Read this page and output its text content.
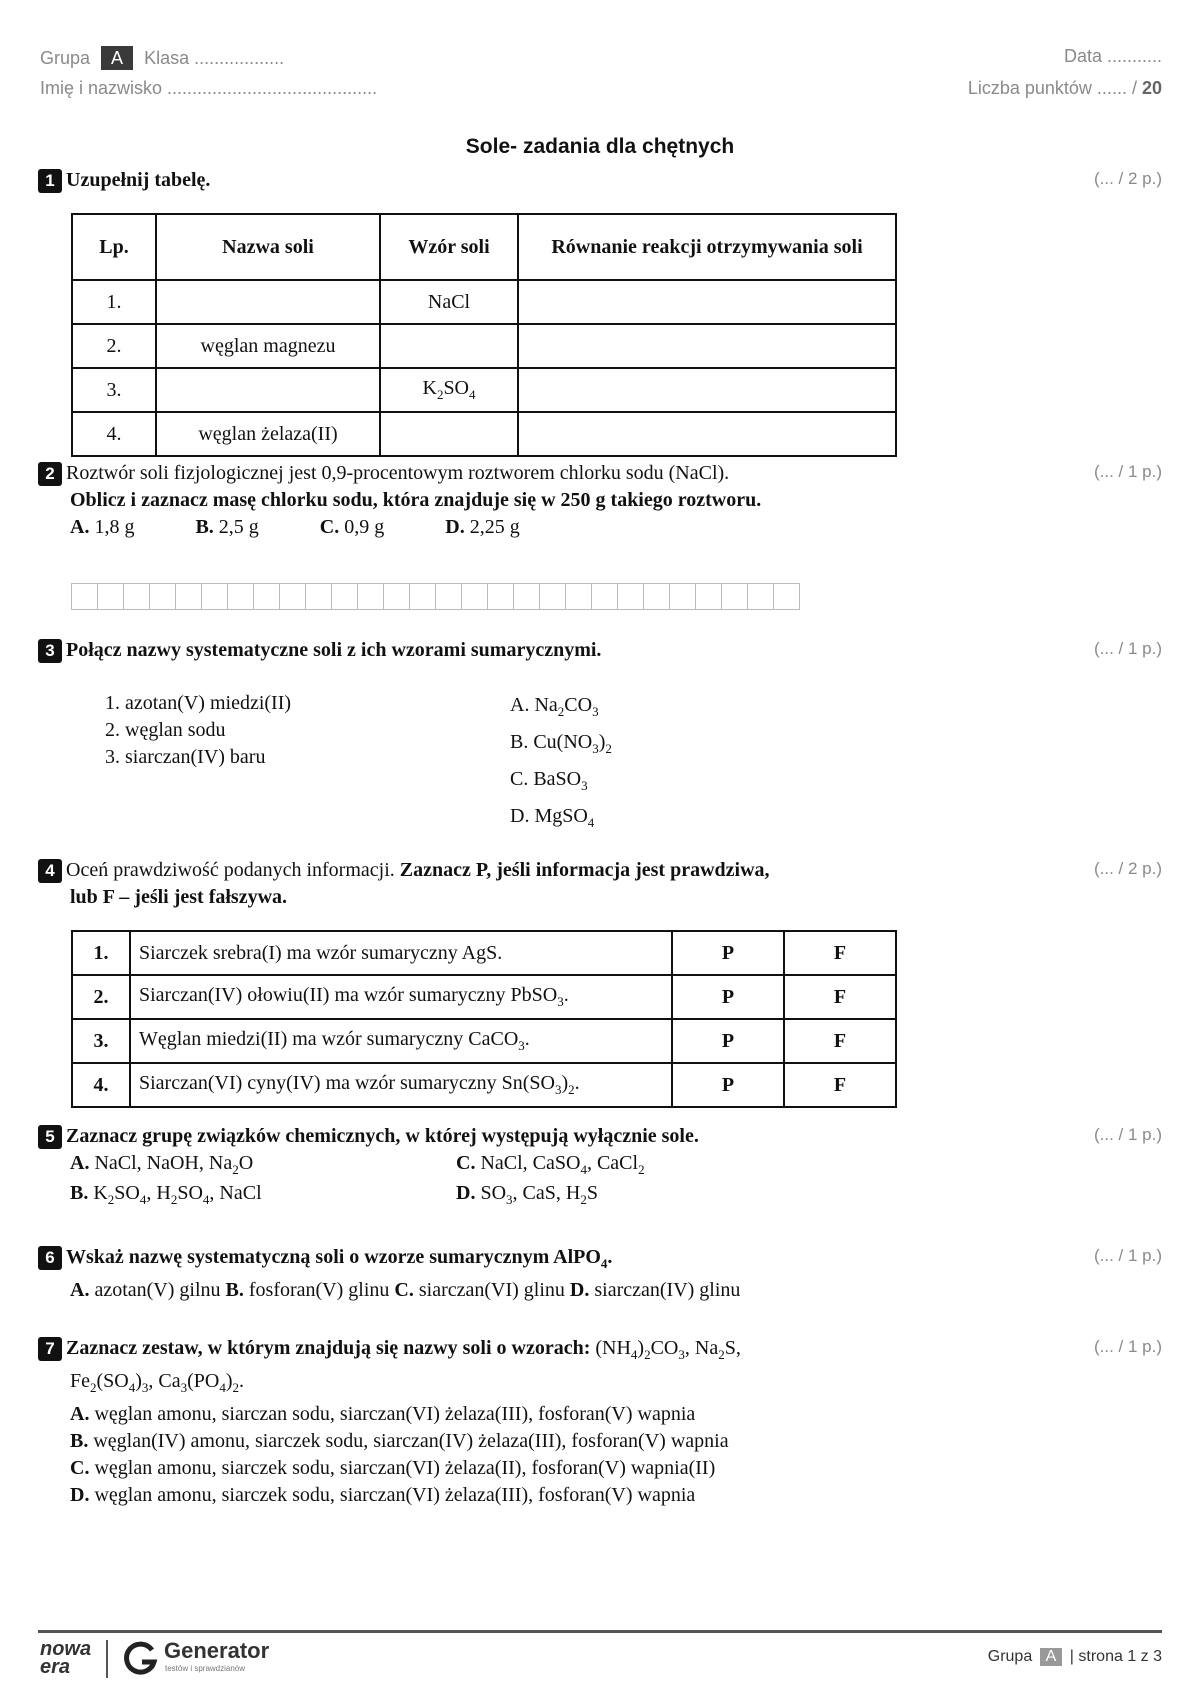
Grupa A Klasa ..................
Imię i nazwisko ..........................................
Data ...........
Liczba punktów ...... / 20
Sole- zadania dla chętnych
1 Uzupełnij tabelę.	(... / 2 p.)
Lp.	Nazwa soli	Wzór soli	Równanie reakcji otrzymywania soli
1.		NaCl	
2.	węglan magnezu		
3.		$K_2SO_4$	
4.	węglan żelaza(II)		
2 Roztwór soli fizjologicznej jest 0,9-procentowym roztworem chlorku sodu (NaCl).
Oblicz i zaznacz masę chlorku sodu, która znajduje się w 250 g takiego roztworu.
A. 1,8 g	B. 2,5 g	C. 0,9 g	D. 2,25 g
(... / 1 p.)
3 Połącz nazwy systematyczne soli z ich wzorami sumarycznymi.	(... / 1 p.)
1. azotan(V) miedzi(II)
2. węglan sodu
3. siarczan(IV) baru
A. $Na_2CO_3$
B. $Cu(NO_3)_2$
C. BaSO$_3$
D. MgSO$_4$
4 Oceń prawdziwość podanych informacji. Zaznacz P, jeśli informacja jest prawdziwa,
lub F – jeśli jest fałszywa.
(... / 2 p.)
1.	Siarczek srebra(I) ma wzór sumaryczny AgS.	P	F
2.	Siarczan(IV) ołowiu(II) ma wzór sumaryczny PbSO$_3$.	P	F
3.	Węglan miedzi(II) ma wzór sumaryczny CaCO$_3$.	P	F
4.	Siarczan(VI) cyny(IV) ma wzór sumaryczny $Sn(SO_3)_2$.	P	F
5 Zaznacz grupę związków chemicznych, w której występują wyłącznie sole.
A. NaCl, NaOH, $Na_2O$	C. NaCl, CaSO$_4$, CaCl$_2$
B. $K_2SO_4$, $H_2SO_4$, NaCl	D. $SO_3$, CaS, $H_2S$
(... / 1 p.)
6 Wskaż nazwę systematyczną soli o wzorze sumarycznym AlPO$_4$.
A. azotan(V) gilnu B. fosforan(V) glinu C. siarczan(VI) glinu D. siarczan(IV) glinu
(... / 1 p.)
7 Zaznacz zestaw, w którym znajdują się nazwy soli o wzorach: $(NH_4)_2CO_3$, $Na_2S$,
$Fe_2(SO_4)_3$, $Ca_3(PO_4)_2$.
A. węglan amonu, siarczan sodu, siarczan(VI) żelaza(III), fosforan(V) wapnia
B. węglan(IV) amonu, siarczek sodu, siarczan(IV) żelaza(III), fosforan(V) wapnia
C. węglan amonu, siarczek sodu, siarczan(VI) żelaza(II), fosforan(V) wapnia(II)
D. węglan amonu, siarczek sodu, siarczan(VI) żelaza(III), fosforan(V) wapnia
(... / 1 p.)
nowa
era
Generator
testów i sprawdzianów
Grupa A | strona 1 z 3
